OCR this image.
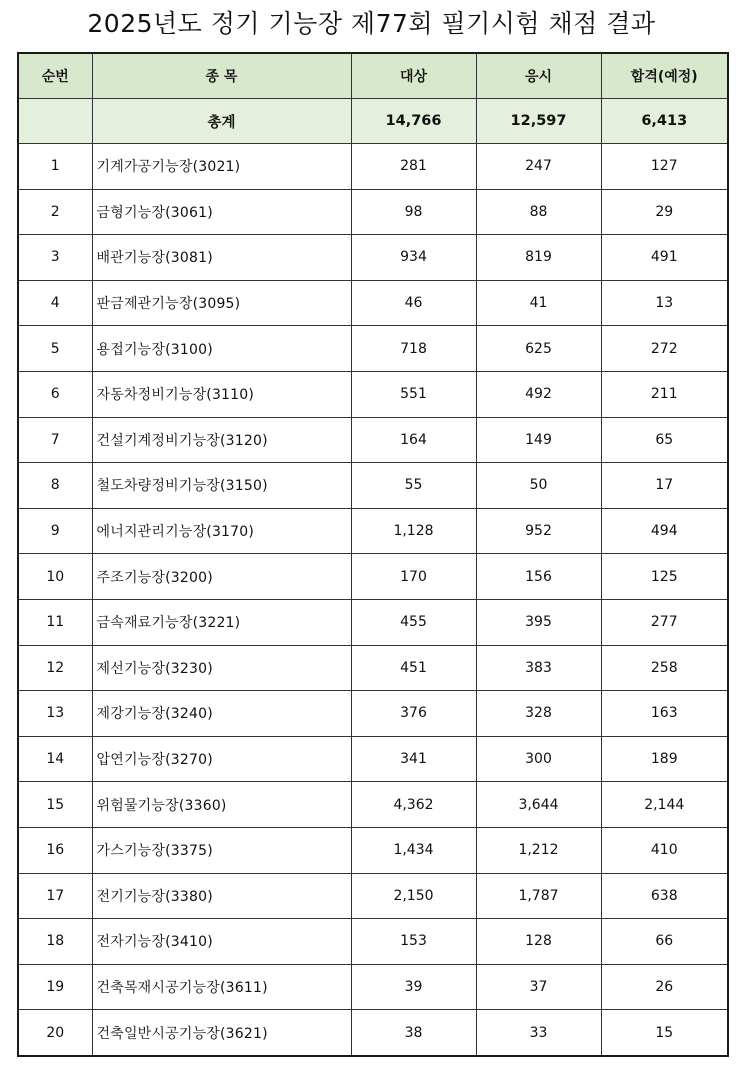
2025년도 정기 기능장 제77회 필기시험 채점 결과
순번	종 목	대상	응시	합격(예정)
	총계	14,766	12,597	6,413
1	기계가공기능장(3021)	281	247	127
2	금형기능장(3061)	98	88	29
3	배관기능장(3081)	934	819	491
4	판금제관기능장(3095)	46	41	13
5	용접기능장(3100)	718	625	272
6	자동차정비기능장(3110)	551	492	211
7	건설기계정비기능장(3120)	164	149	65
8	철도차량정비기능장(3150)	55	50	17
9	에너지관리기능장(3170)	1,128	952	494
10	주조기능장(3200)	170	156	125
11	금속재료기능장(3221)	455	395	277
12	제선기능장(3230)	451	383	258
13	제강기능장(3240)	376	328	163
14	압연기능장(3270)	341	300	189
15	위험물기능장(3360)	4,362	3,644	2,144
16	가스기능장(3375)	1,434	1,212	410
17	전기기능장(3380)	2,150	1,787	638
18	전자기능장(3410)	153	128	66
19	건축목재시공기능장(3611)	39	37	26
20	건축일반시공기능장(3621)	38	33	15
